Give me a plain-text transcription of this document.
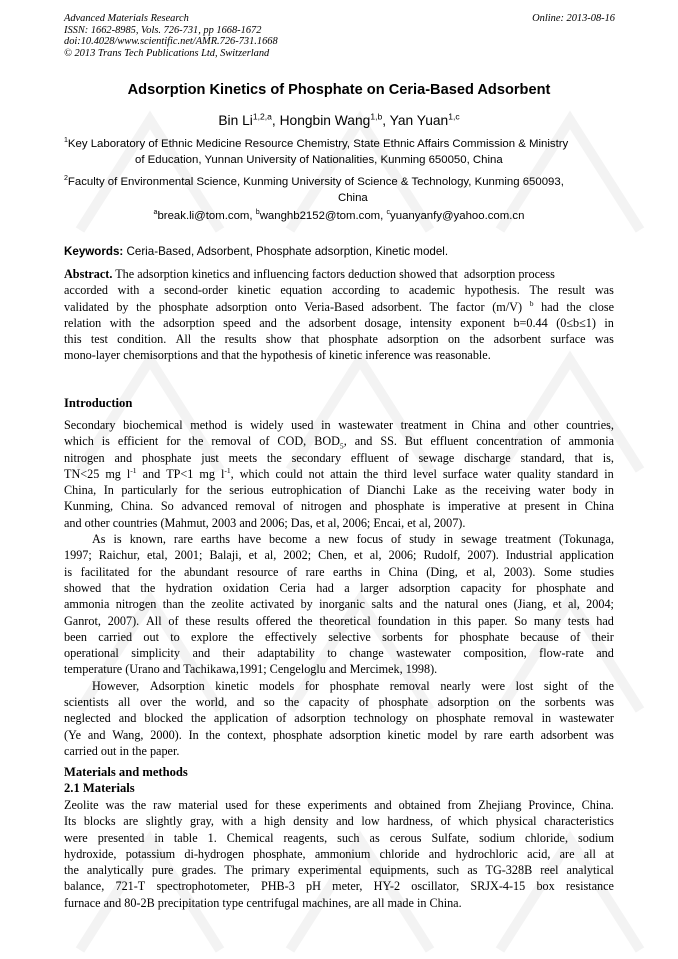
Advanced Materials Research
ISSN: 1662-8985, Vols. 726-731, pp 1668-1672
doi:10.4028/www.scientific.net/AMR.726-731.1668
© 2013 Trans Tech Publications Ltd, Switzerland
Online: 2013-08-16
Adsorption Kinetics of Phosphate on Ceria-Based Adsorbent
Bin Li$^{1,2,a}$, Hongbin Wang$^{1,b}$, Yan Yuan$^{1,c}$
$^1$Key Laboratory of Ethnic Medicine Resource Chemistry, State Ethnic Affairs Commission & Ministry
of Education, Yunnan University of Nationalities, Kunming 650050, China
$^2$Faculty of Environmental Science, Kunming University of Science & Technology, Kunming 650093,
China
$^a$break.li@tom.com, $^b$wanghb2152@tom.com, $^c$yuanyanfy@yahoo.com.cn
Keywords: Ceria-Based, Adsorbent, Phosphate adsorption, Kinetic model.
Abstract. The adsorption kinetics and influencing factors deduction showed that  adsorption process
accorded with a second-order kinetic equation according to academic hypothesis. The result was
validated by the phosphate adsorption onto Veria-Based adsorbent. The factor (m/V) $^b$ had the close
relation with the adsorption speed and the adsorbent dosage, intensity exponent b=0.44 (0≤b≤1) in
this test condition. All the results show that phosphate adsorption on the adsorbent surface was
mono-layer chemisorptions and that the hypothesis of kinetic inference was reasonable.
Introduction
Secondary biochemical method is widely used in wastewater treatment in China and other countries,
which is efficient for the removal of COD, $BOD_5$, and SS. But effluent concentration of ammonia
nitrogen and phosphate just meets the secondary effluent of sewage discharge standard, that is,
TN<25 mg $l^{-1}$ and TP<1 mg $l^{-1}$, which could not attain the third level surface water quality standard in
China, In particularly for the serious eutrophication of Dianchi Lake as the receiving water body in
Kunming, China. So advanced removal of nitrogen and phosphate is imperative at present in China
and other countries (Mahmut, 2003 and 2006; Das, et al, 2006; Encai, et al, 2007).
As is known, rare earths have become a new focus of study in sewage treatment (Tokunaga,
1997; Raichur, etal, 2001; Balaji, et al, 2002; Chen, et al, 2006; Rudolf, 2007). Industrial application
is facilitated for the abundant resource of rare earths in China (Ding, et al, 2003). Some studies
showed that the hydration oxidation Ceria had a larger adsorption capacity for phosphate and
ammonia nitrogen than the zeolite activated by inorganic salts and the natural ones (Jiang, et al, 2004;
Ganrot, 2007). All of these results offered the theoretical foundation in this paper. So many tests had
been carried out to explore the effectively selective sorbents for phosphate because of their
operational simplicity and their adaptability to change wastewater composition, flow-rate and
temperature (Urano and Tachikawa,1991; Cengeloglu and Mercimek, 1998).
However, Adsorption kinetic models for phosphate removal nearly were lost sight of the
scientists all over the world, and so the capacity of phosphate adsorption on the sorbents was
neglected and blocked the application of adsorption technology on phosphate removal in wastewater
(Ye and Wang, 2000). In the context, phosphate adsorption kinetic model by rare earth adsorbent was
carried out in the paper.
Materials and methods
2.1 Materials
Zeolite was the raw material used for these experiments and obtained from Zhejiang Province, China.
Its blocks are slightly gray, with a high density and low hardness, of which physical characteristics
were presented in table 1. Chemical reagents, such as cerous Sulfate, sodium chloride, sodium
hydroxide, potassium di-hydrogen phosphate, ammonium chloride and hydrochloric acid, are all at
the analytically pure grades. The primary experimental equipments, such as TG-328B reel analytical
balance, 721-T spectrophotometer, PHB-3 pH meter, HY-2 oscillator, SRJX-4-15 box resistance
furnace and 80-2B precipitation type centrifugal machines, are all made in China.
